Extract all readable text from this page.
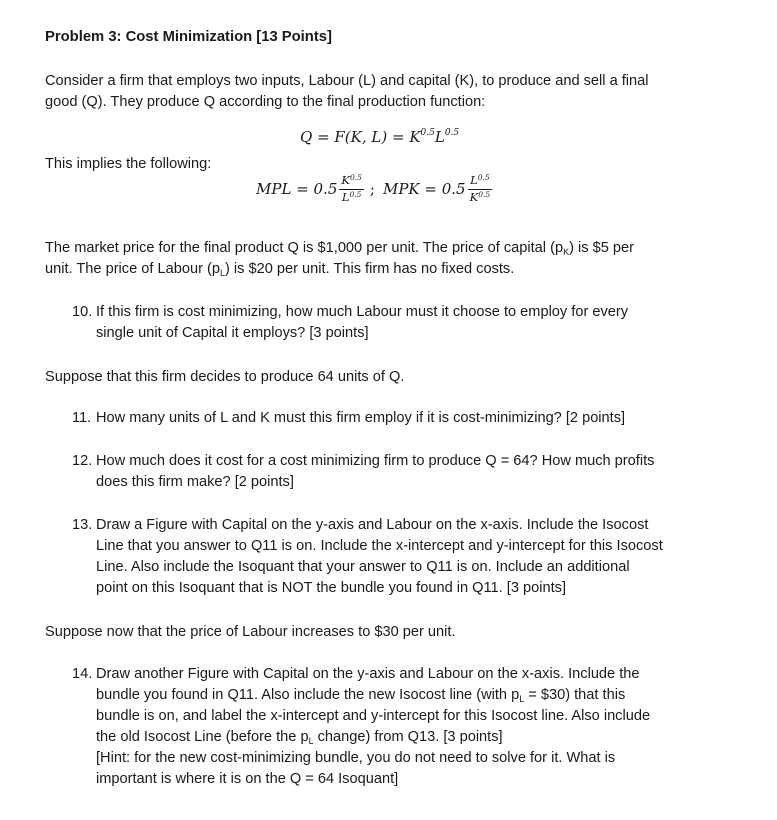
Problem 3: Cost Minimization [13 Points]
Consider a firm that employs two inputs, Labour (L) and capital (K), to produce and sell a final
good (Q). They produce Q according to the final production function:
Q = F(K, $L) = K^{0.5}L^{0.5}$
This implies the following:
MPL = $0.5 \frac{K^{0.5}}{L^{0.5}}$ ; MPK = $0.5 \frac{L^{0.5}}{K^{0.5}}$
The market price for the final product Q is $1,000 per unit. The price of capital $(p_K)$ is $5 per
unit. The price of Labour $(p_L)$ is $20 per unit. This firm has no fixed costs.
10. If this firm is cost minimizing, how much Labour must it choose to employ for every
single unit of Capital it employs? [3 points]
Suppose that this firm decides to produce 64 units of Q.
11. How many units of L and K must this firm employ if it is cost-minimizing? [2 points]
12. How much does it cost for a cost minimizing firm to produce Q = 64? How much profits
does this firm make? [2 points]
13. Draw a Figure with Capital on the y-axis and Labour on the x-axis. Include the Isocost
Line that you answer to Q11 is on. Include the x-intercept and y-intercept for this Isocost
Line. Also include the Isoquant that your answer to Q11 is on. Include an additional
point on this Isoquant that is NOT the bundle you found in Q11. [3 points]
Suppose now that the price of Labour increases to $30 per unit.
14. Draw another Figure with Capital on the y-axis and Labour on the x-axis. Include the
bundle you found in Q11. Also include the new Isocost line (with $p_L$ = $30) that this
bundle is on, and label the x-intercept and y-intercept for this Isocost line. Also include
the old Isocost Line (before the $p_L$ change) from Q13. [3 points]
[Hint: for the new cost-minimizing bundle, you do not need to solve for it. What is
important is where it is on the Q = 64 Isoquant]
